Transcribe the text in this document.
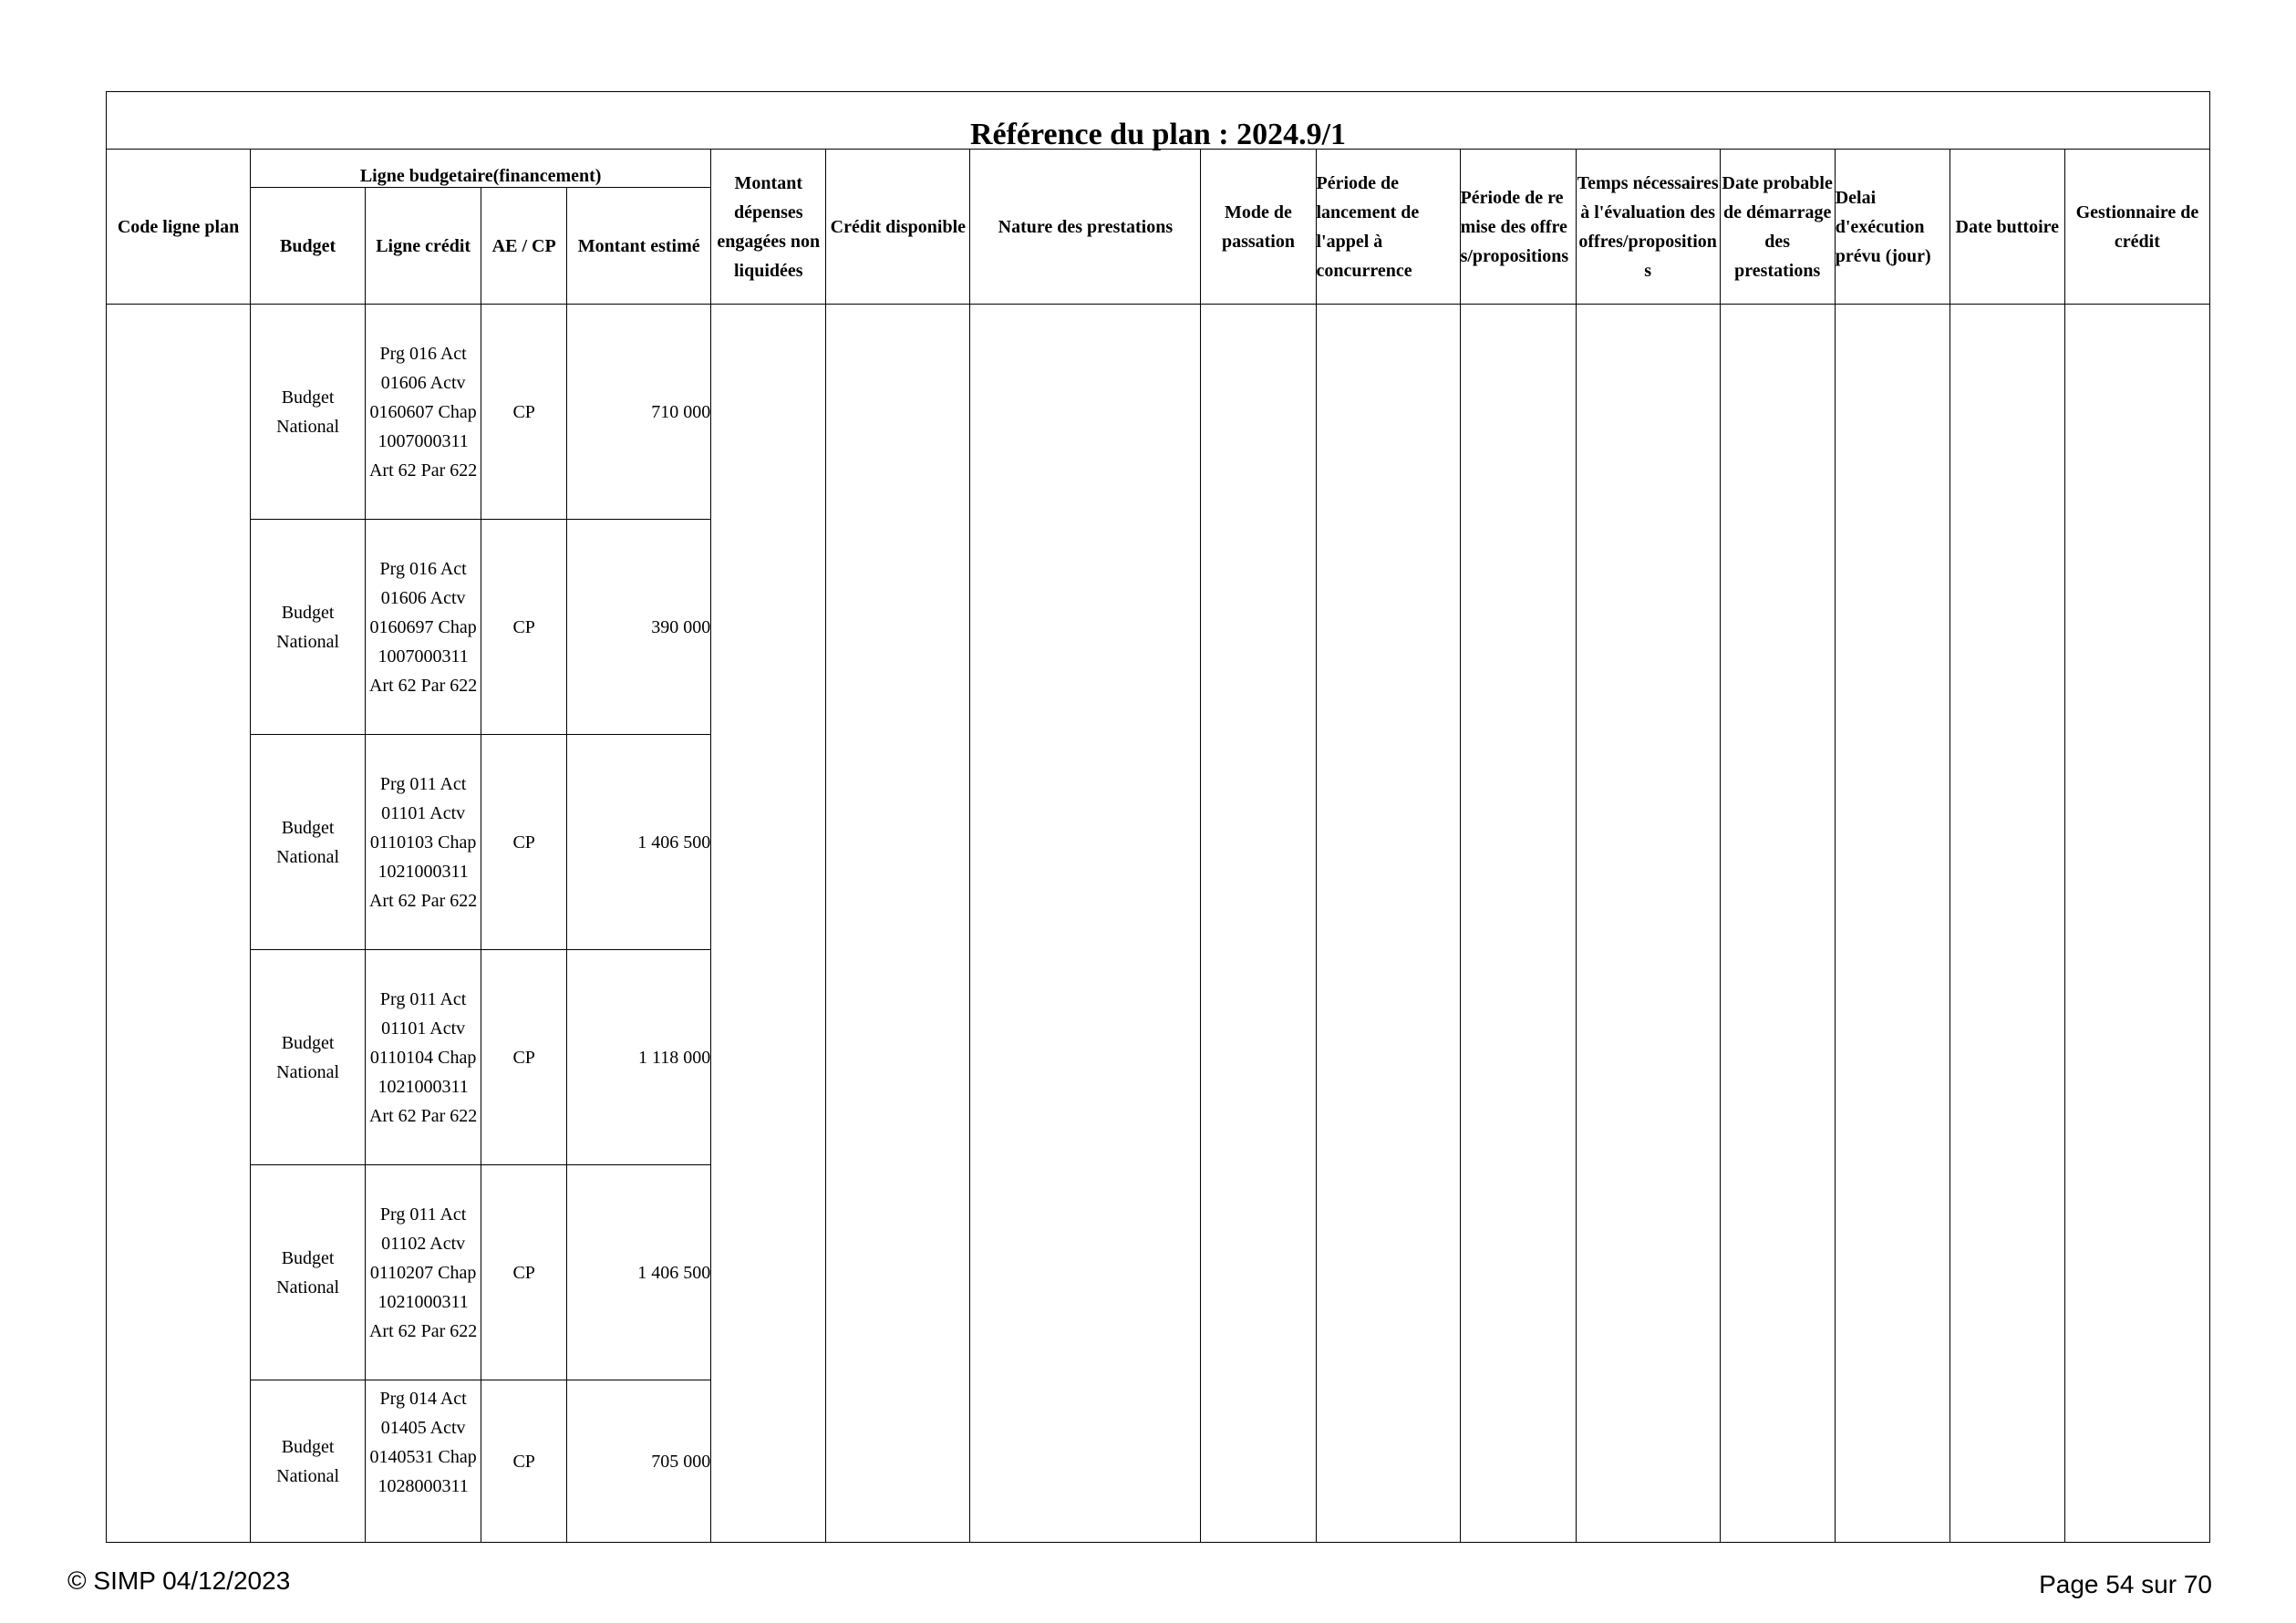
Référence du plan : 2024.9/1															
Code ligne plan	Ligne budgetaire(financement)				Montant dépenses engagées non liquidées	Crédit disponible	Nature des prestations	Mode de passation	Période de lancement de l'appel à concurrence	Période de remise des offres/propositions	Temps nécessaires à l'évaluation des offres/propositions	Date probable de démarrage des prestations	Delai d'exécution prévu (jour)	Date buttoire	Gestionnaire de crédit
	Budget	Ligne crédit	AE / CP	Montant estimé											
	Budget National	Prg 016 Act 01606 Actv 0160607 Chap 1007000311 Art 62 Par 622	CP	710 000											
	Budget National	Prg 016 Act 01606 Actv 0160697 Chap 1007000311 Art 62 Par 622	CP	390 000											
	Budget National	Prg 011 Act 01101 Actv 0110103 Chap 1021000311 Art 62 Par 622	CP	1 406 500											
	Budget National	Prg 011 Act 01101 Actv 0110104 Chap 1021000311 Art 62 Par 622	CP	1 118 000											
	Budget National	Prg 011 Act 01102 Actv 0110207 Chap 1021000311 Art 62 Par 622	CP	1 406 500											
	Budget National	Prg 014 Act 01405 Actv 0140531 Chap 1028000311	CP	705 000											
© SIMP 04/12/2023	Page 54 sur 70
